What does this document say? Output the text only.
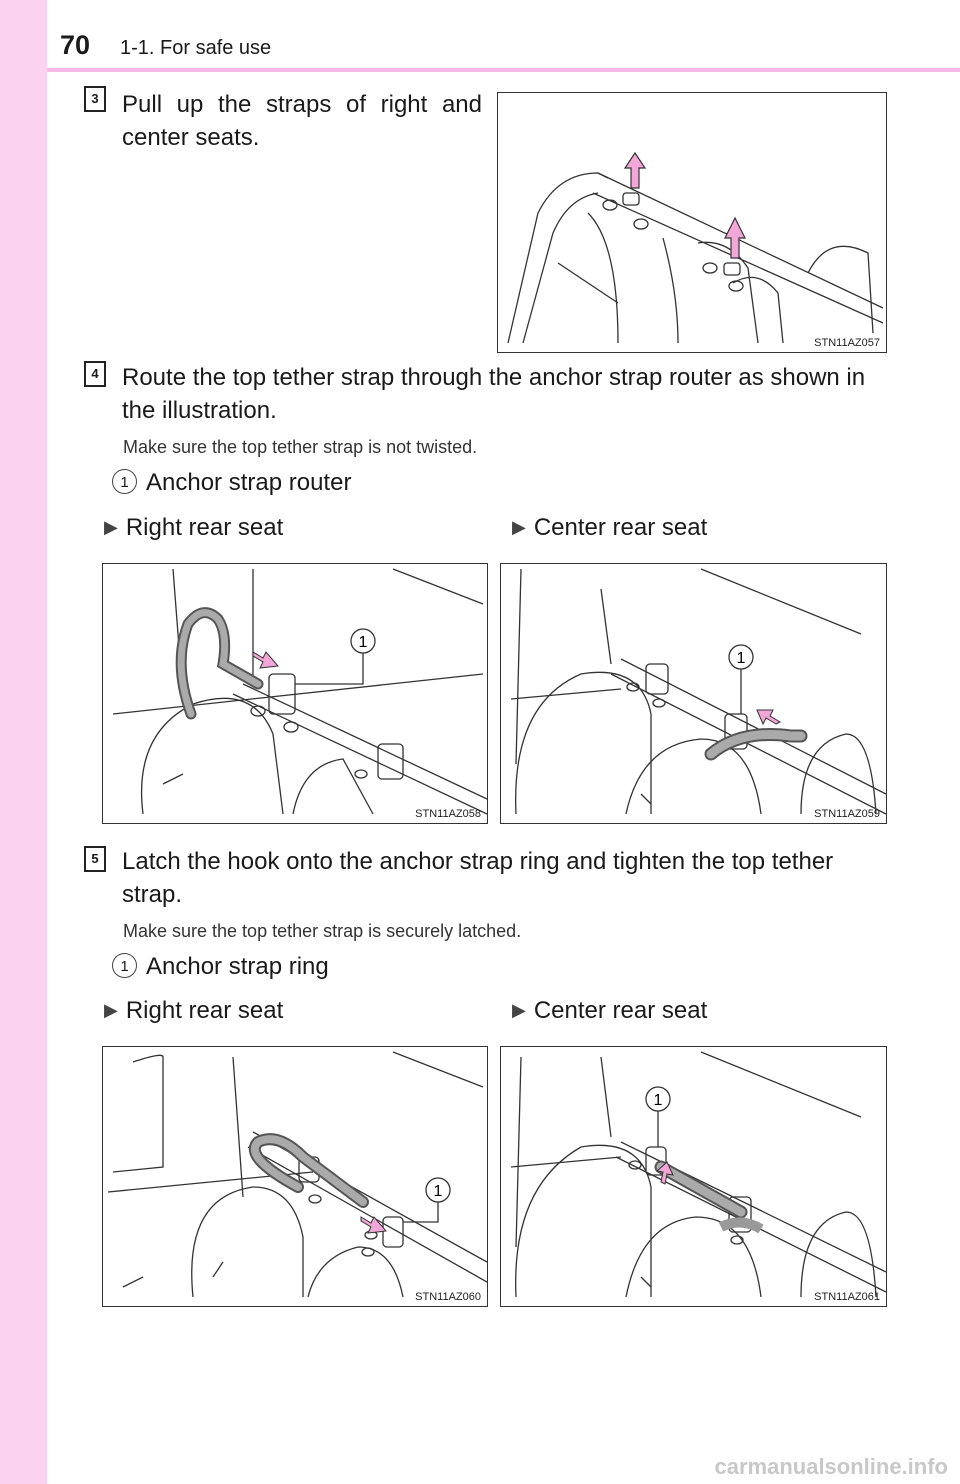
70 1-1. For safe use
3 Pull up the straps of right and center seats.
STN11AZ057
4 Route the top tether strap through the anchor strap router as shown in the illustration.
Make sure the top tether strap is not twisted.
1 Anchor strap router
▶ Right rear seat	▶ Center rear seat
1
STN11AZ058
1
STN11AZ059
5 Latch the hook onto the anchor strap ring and tighten the top tether strap.
Make sure the top tether strap is securely latched.
1 Anchor strap ring
▶ Right rear seat	▶ Center rear seat
1
STN11AZ060
1
STN11AZ061
carmanualsonline.info
